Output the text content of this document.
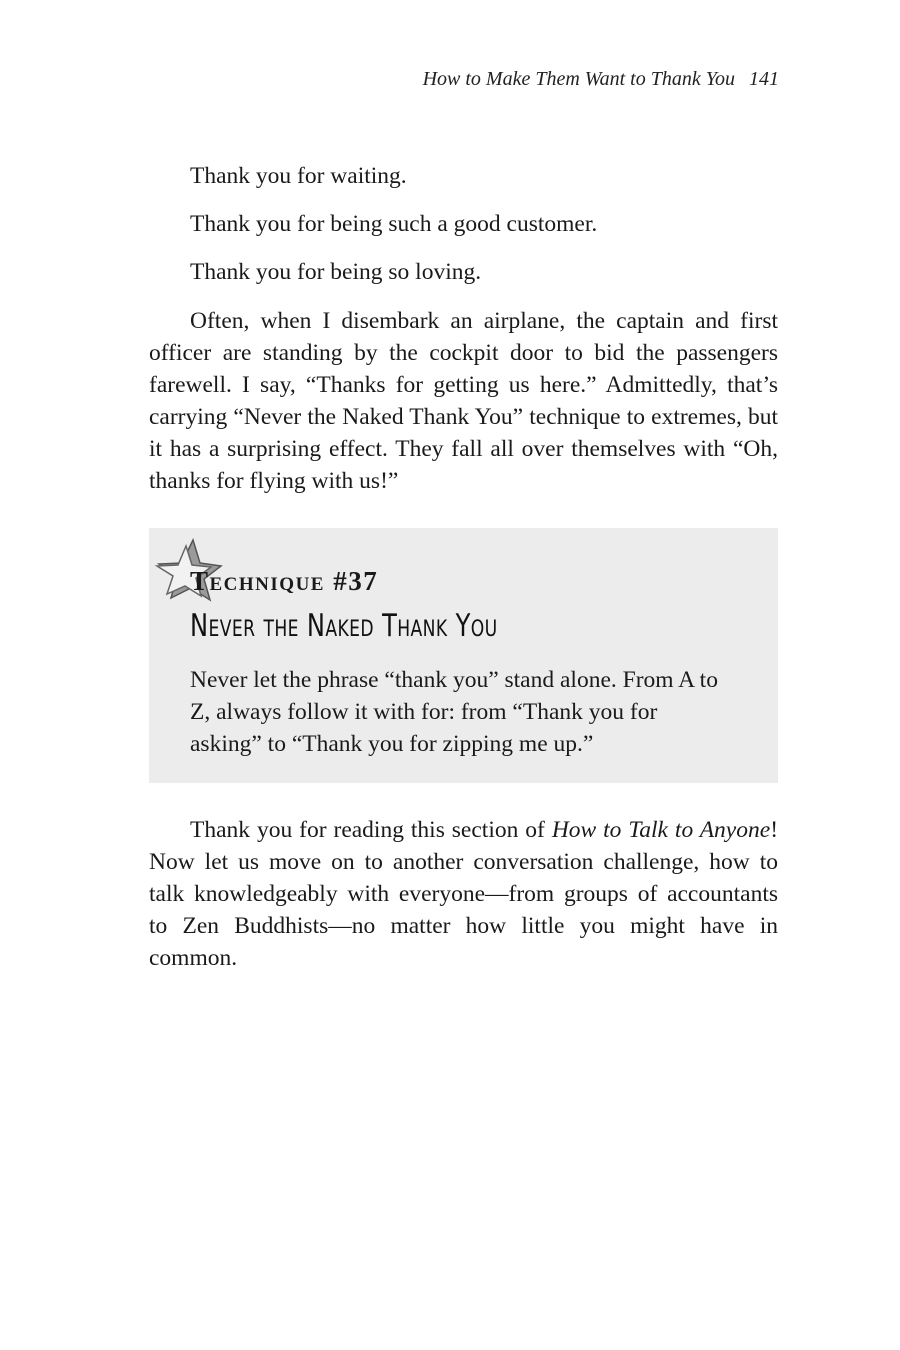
How to Make Them Want to Thank You 141

Thank you for waiting.

Thank you for being such a good customer.

Thank you for being so loving.

Often, when I disembark an airplane, the captain and first officer are standing by the cockpit door to bid the passengers farewell. I say, “Thanks for getting us here.” Admittedly, that’s carrying “Never the Naked Thank You” technique to extremes, but it has a surprising effect. They fall all over themselves with “Oh, thanks for flying with us!”

Technique #37
Never the Naked Thank You

Never let the phrase “thank you” stand alone. From A to Z, always follow it with for: from “Thank you for asking” to “Thank you for zipping me up.”

Thank you for reading this section of How to Talk to Anyone! Now let us move on to another conversation challenge, how to talk knowledgeably with everyone—from groups of accountants to Zen Buddhists—no matter how little you might have in common.
